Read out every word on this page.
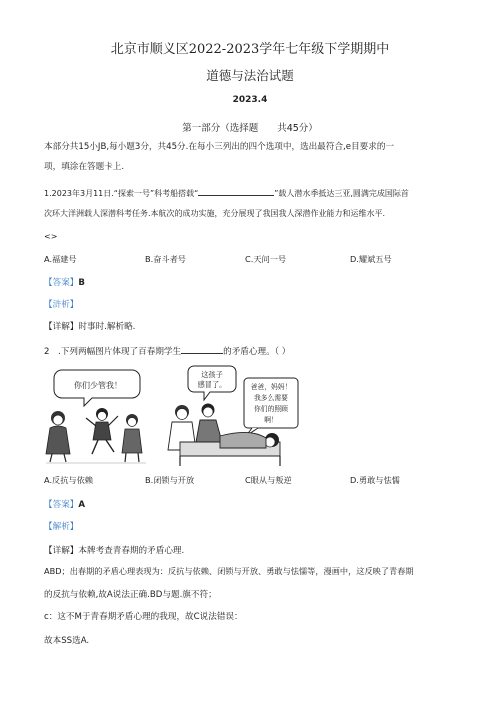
北京市顺义区2022-2023学年七年级下学期期中
道德与法治试题
2023.4
第一部分（选择题　　共45分）
本部分共15小JB,每小题3分，共45分.在每小三列出的四个选项中，选出最符合,e目要求的一
项，填涂在答题卡上.
1.2023年3月11日.“探索一号”科考船搭载“	”载人潜水季抵达三亚,圆满完成国际首
次环大洋洲载人深潜科考任务.本航次的成功实施，充分展现了我国我人深潜作业能力和运维水平.
<>
A.福建号	B.奋斗者号	C.天问一号	D.耀斌五号
【答案】B
【浒析】
【详解】时事时.解析略.
2　.下列两幅图片体现了百春期学生	的矛盾心理。（ ）
你们少管我！
这孩子
感冒了。	爸爸，妈妈！
我多么需要
你们的照顾
啊！
A.反抗与依赖	B.闭锁与开放	C眼从与叛逆	D.勇敢与怯懦
【答案】A
【解析】
【详解】本牌考查青春期的矛盾心理.
ABD；出春期的矛盾心理表现为：反抗与依赖、闭锁与开放、勇敢与怯懦等，漫画中，这反映了青春期
的反抗与依赖,故A说法正确.BD与题.旗不符；
c：这不M于青春期矛盾心理的我现，故C说法错误：
故本SS选A.
